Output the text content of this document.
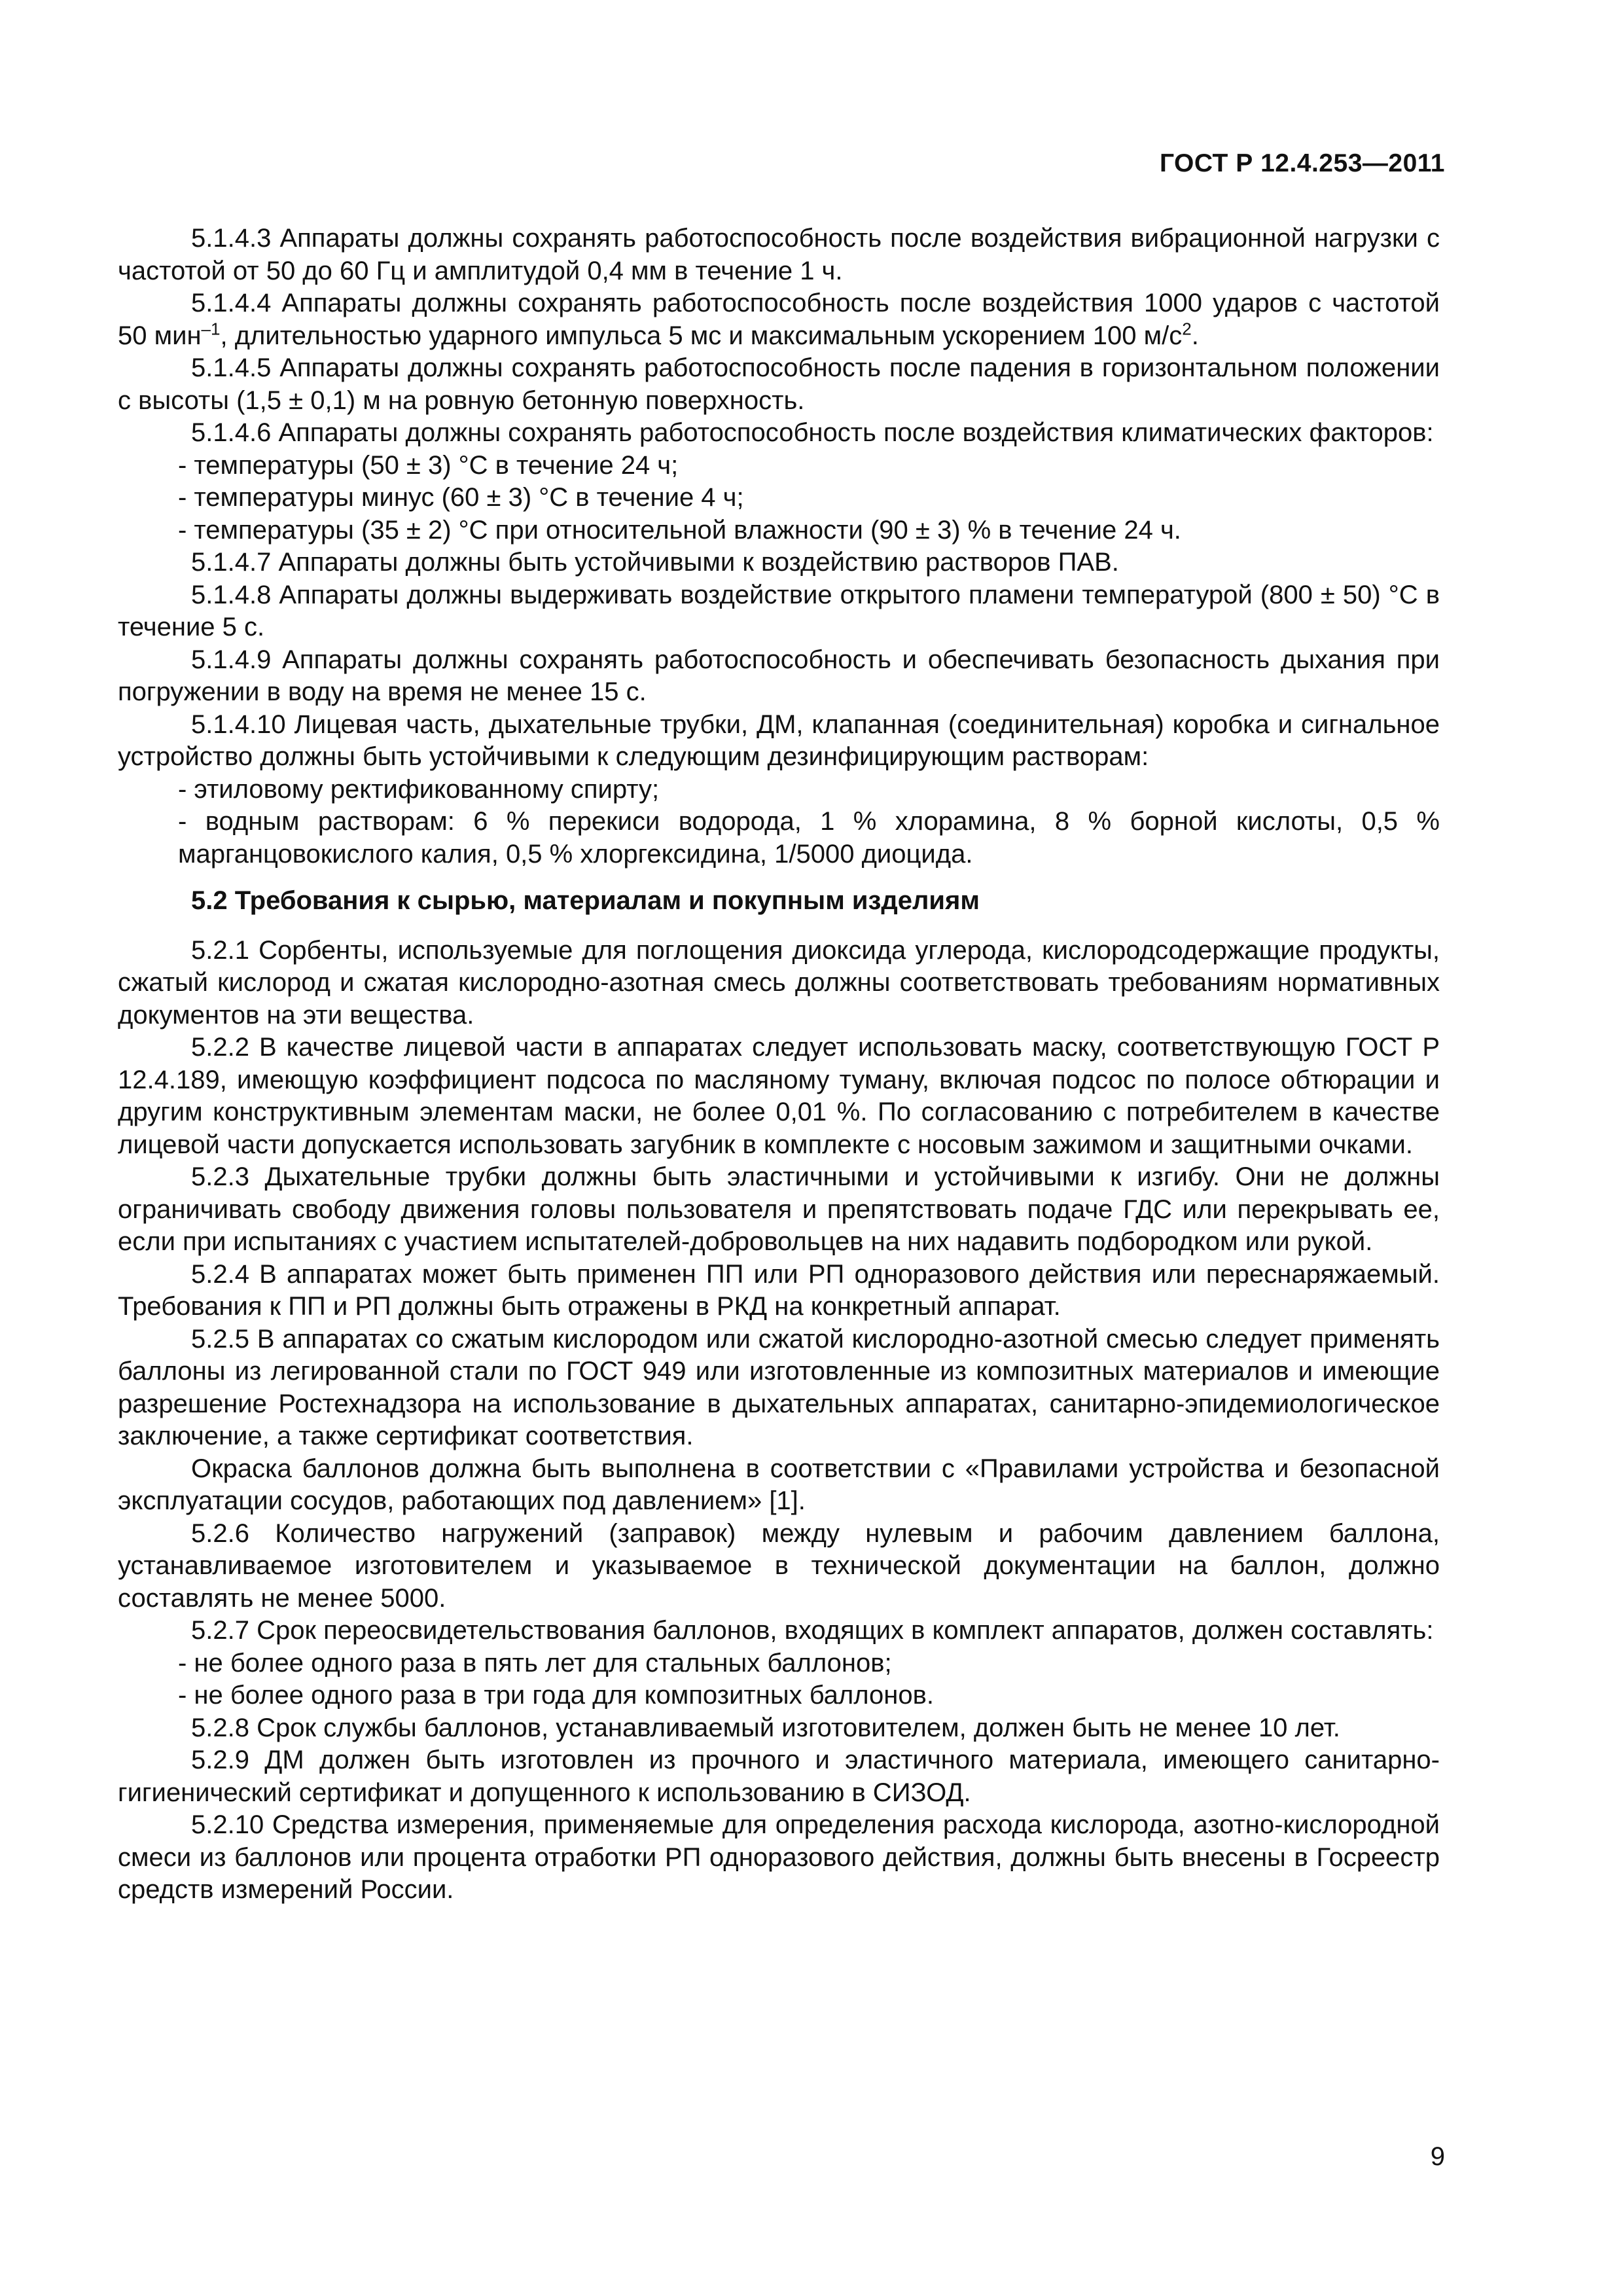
ГОСТ Р 12.4.253—2011

5.1.4.3 Аппараты должны сохранять работоспособность после воздействия вибрационной нагрузки с частотой от 50 до 60 Гц и амплитудой 0,4 мм в течение 1 ч.

5.1.4.4 Аппараты должны сохранять работоспособность после воздействия 1000 ударов с частотой 50 мин$^{-1}$, длительностью ударного импульса 5 мс и максимальным ускорением 100 $м/с^2$.

5.1.4.5 Аппараты должны сохранять работоспособность после падения в горизонтальном положении с высоты (1,5 ± 0,1) м на ровную бетонную поверхность.

5.1.4.6 Аппараты должны сохранять работоспособность после воздействия климатических факторов:

- температуры (50 ± 3) °С в течение 24 ч;

- температуры минус (60 ± 3) °С в течение 4 ч;

- температуры (35 ± 2) °С при относительной влажности (90 ± 3) % в течение 24 ч.

5.1.4.7 Аппараты должны быть устойчивыми к воздействию растворов ПАВ.

5.1.4.8 Аппараты должны выдерживать воздействие открытого пламени температурой (800 ± 50) °С в течение 5 с.

5.1.4.9 Аппараты должны сохранять работоспособность и обеспечивать безопасность дыхания при погружении в воду на время не менее 15 с.

5.1.4.10 Лицевая часть, дыхательные трубки, ДМ, клапанная (соединительная) коробка и сигнальное устройство должны быть устойчивыми к следующим дезинфицирующим растворам:

- этиловому ректификованному спирту;

- водным растворам: 6 % перекиси водорода, 1 % хлорамина, 8 % борной кислоты, 0,5 % марганцовокислого калия, 0,5 % хлоргексидина, 1/5000 диоцида.

5.2 Требования к сырью, материалам и покупным изделиям

5.2.1 Сорбенты, используемые для поглощения диоксида углерода, кислородсодержащие продукты, сжатый кислород и сжатая кислородно-азотная смесь должны соответствовать требованиям нормативных документов на эти вещества.

5.2.2 В качестве лицевой части в аппаратах следует использовать маску, соответствующую ГОСТ Р 12.4.189, имеющую коэффициент подсоса по масляному туману, включая подсос по полосе обтюрации и другим конструктивным элементам маски, не более 0,01 %. По согласованию с потребителем в качестве лицевой части допускается использовать загубник в комплекте с носовым зажимом и защитными очками.

5.2.3 Дыхательные трубки должны быть эластичными и устойчивыми к изгибу. Они не должны ограничивать свободу движения головы пользователя и препятствовать подаче ГДС или перекрывать ее, если при испытаниях с участием испытателей-добровольцев на них надавить подбородком или рукой.

5.2.4 В аппаратах может быть применен ПП или РП одноразового действия или переснаряжаемый. Требования к ПП и РП должны быть отражены в РКД на конкретный аппарат.

5.2.5 В аппаратах со сжатым кислородом или сжатой кислородно-азотной смесью следует применять баллоны из легированной стали по ГОСТ 949 или изготовленные из композитных материалов и имеющие разрешение Ростехнадзора на использование в дыхательных аппаратах, санитарно-эпидемиологическое заключение, а также сертификат соответствия.

Окраска баллонов должна быть выполнена в соответствии с «Правилами устройства и безопасной эксплуатации сосудов, работающих под давлением» [1].

5.2.6 Количество нагружений (заправок) между нулевым и рабочим давлением баллона, устанавливаемое изготовителем и указываемое в технической документации на баллон, должно составлять не менее 5000.

5.2.7 Срок переосвидетельствования баллонов, входящих в комплект аппаратов, должен составлять:

- не более одного раза в пять лет для стальных баллонов;

- не более одного раза в три года для композитных баллонов.

5.2.8 Срок службы баллонов, устанавливаемый изготовителем, должен быть не менее 10 лет.

5.2.9 ДМ должен быть изготовлен из прочного и эластичного материала, имеющего санитарно-гигиенический сертификат и допущенного к использованию в СИЗОД.

5.2.10 Средства измерения, применяемые для определения расхода кислорода, азотно-кислородной смеси из баллонов или процента отработки РП одноразового действия, должны быть внесены в Госреестр средств измерений России.

9
